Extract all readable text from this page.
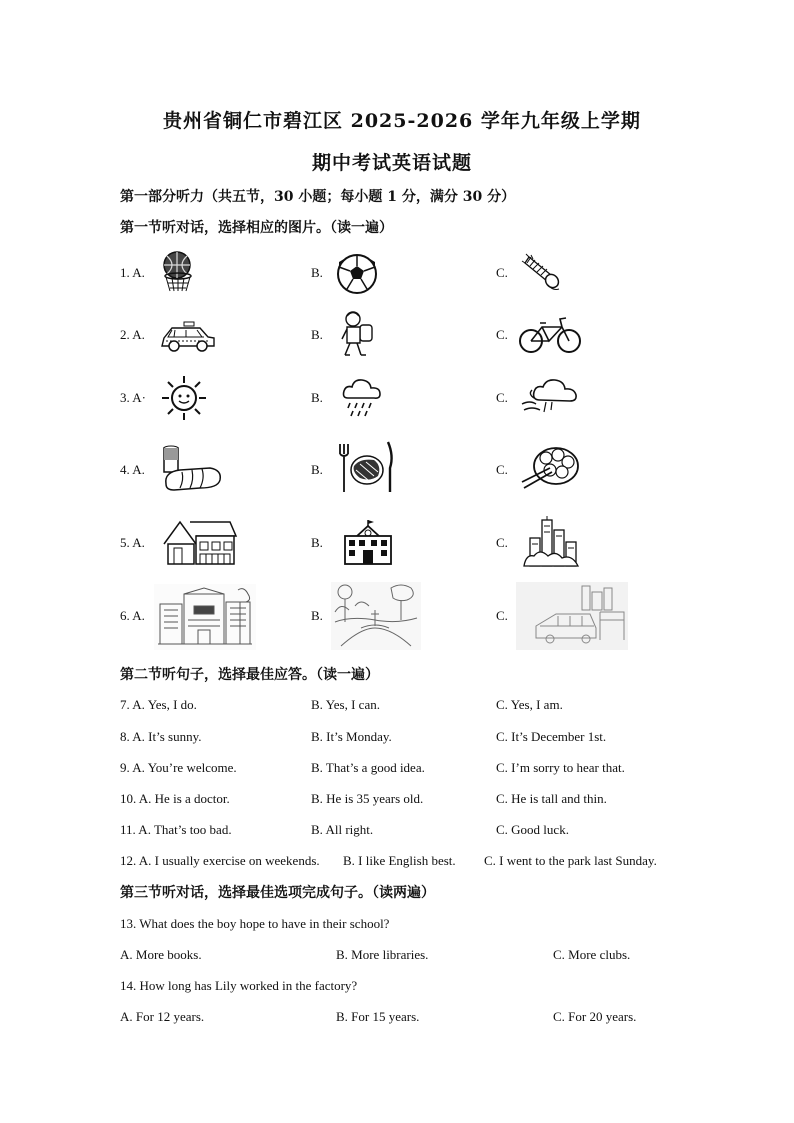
贵州省铜仁市碧江区 2025-2026 学年九年级上学期
期中考试英语试题
第一部分听力（共五节，30 小题；每小题 1 分，满分 30 分）
第一节听对话，选择相应的图片。（读一遍）
1. A.	B.	C.
2. A.	B.	C.
3. A·	B.	C.
4. A.	B.	C.
5. A.	B.	C.
6. A.	B.	C.
第二节听句子，选择最佳应答。（读一遍）
7. A. Yes, I do.	B. Yes, I can.	C. Yes, I am.
8. A. It’s sunny.	B. It’s Monday.	C. It’s December 1st.
9. A. You’re welcome.	B. That’s a good idea.	C. I’m sorry to hear that.
10. A. He is a doctor.	B. He is 35 years old.	C. He is tall and thin.
11. A. That’s too bad.	B. All right.	C. Good luck.
12. A. I usually exercise on weekends. B. I like English best. C. I went to the park last Sunday.
第三节听对话，选择最佳选项完成句子。（读两遍）
13. What does the boy hope to have in their school?
A. More books.	B. More libraries.	C. More clubs.
14. How long has Lily worked in the factory?
A. For 12 years.	B. For 15 years.	C. For 20 years.
